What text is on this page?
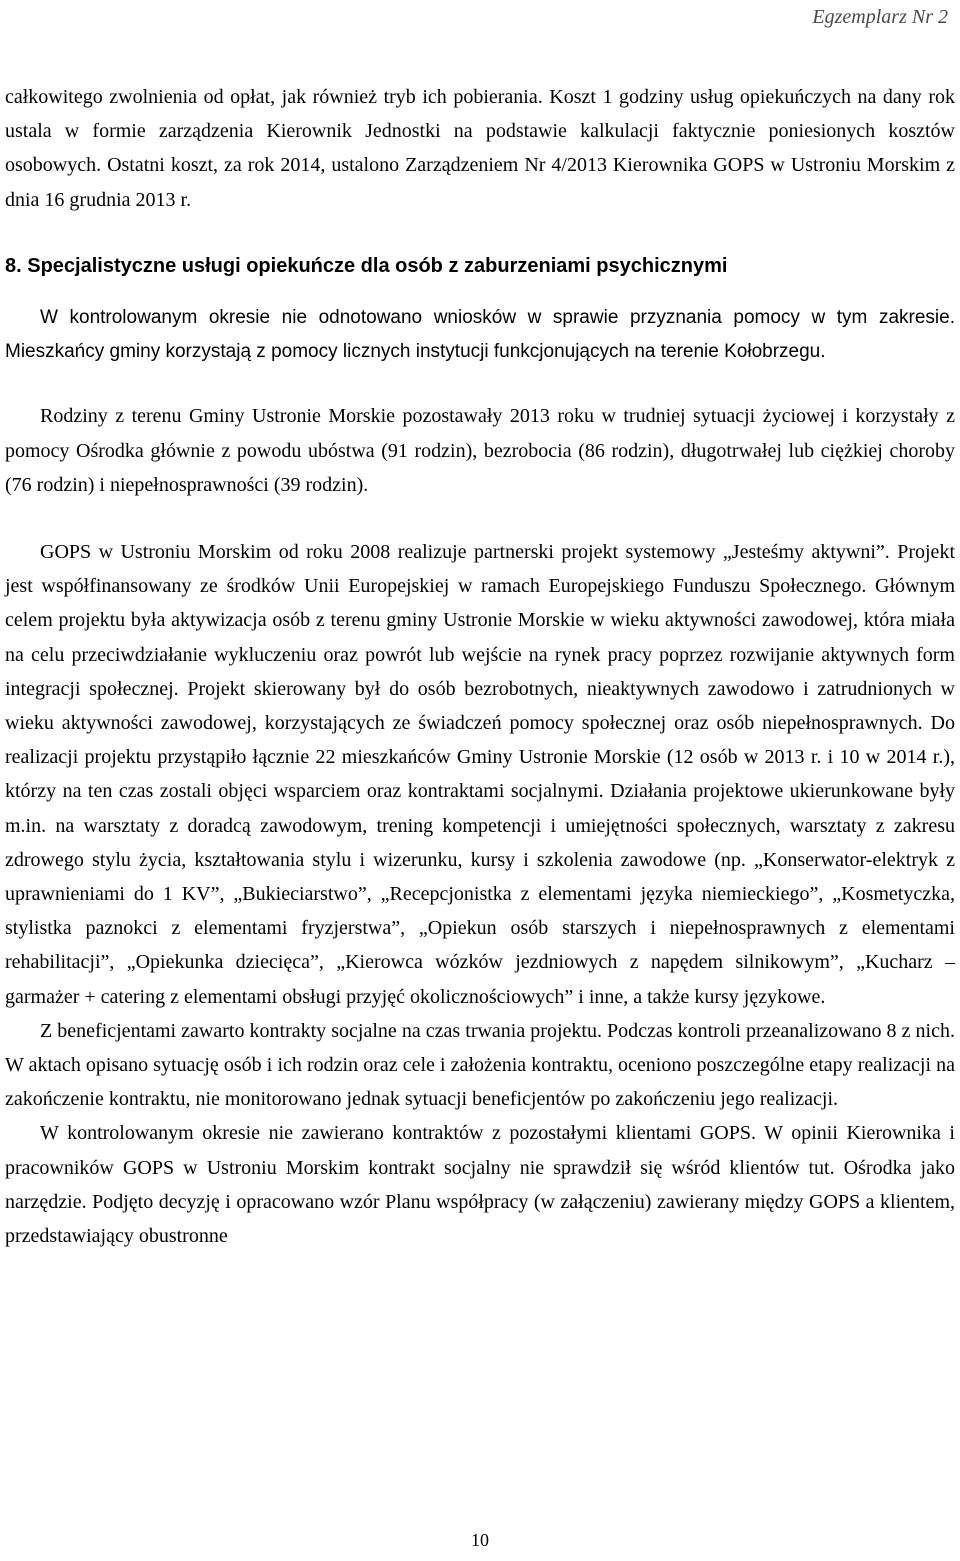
Egzemplarz Nr 2

całkowitego zwolnienia od opłat, jak również tryb ich pobierania. Koszt 1 godziny usług opiekuńczych na dany rok ustala w formie zarządzenia Kierownik Jednostki na podstawie kalkulacji faktycznie poniesionych kosztów osobowych. Ostatni koszt, za rok 2014, ustalono Zarządzeniem Nr 4/2013 Kierownika GOPS w Ustroniu Morskim z dnia 16 grudnia 2013 r.

8. Specjalistyczne usługi opiekuńcze dla osób z zaburzeniami psychicznymi

W kontrolowanym okresie nie odnotowano wniosków w sprawie przyznania pomocy w tym zakresie. Mieszkańcy gminy korzystają z pomocy licznych instytucji funkcjonujących na terenie Kołobrzegu.

Rodziny z terenu Gminy Ustronie Morskie pozostawały 2013 roku w trudniej sytuacji życiowej i korzystały z pomocy Ośrodka głównie z powodu ubóstwa (91 rodzin), bezrobocia (86 rodzin), długotrwałej lub ciężkiej choroby (76 rodzin) i niepełnosprawności (39 rodzin).

GOPS w Ustroniu Morskim od roku 2008 realizuje partnerski projekt systemowy „Jesteśmy aktywni”. Projekt jest współfinansowany ze środków Unii Europejskiej w ramach Europejskiego Funduszu Społecznego. Głównym celem projektu była aktywizacja osób z terenu gminy Ustronie Morskie w wieku aktywności zawodowej, która miała na celu przeciwdziałanie wykluczeniu oraz powrót lub wejście na rynek pracy poprzez rozwijanie aktywnych form integracji społecznej. Projekt skierowany był do osób bezrobotnych, nieaktywnych zawodowo i zatrudnionych w wieku aktywności zawodowej, korzystających ze świadczeń pomocy społecznej oraz osób niepełnosprawnych. Do realizacji projektu przystąpiło łącznie 22 mieszkańców Gminy Ustronie Morskie (12 osób w 2013 r. i 10 w 2014 r.), którzy na ten czas zostali objęci wsparciem oraz kontraktami socjalnymi. Działania projektowe ukierunkowane były m.in. na warsztaty z doradcą zawodowym, trening kompetencji i umiejętności społecznych, warsztaty z zakresu zdrowego stylu życia, kształtowania stylu i wizerunku, kursy i szkolenia zawodowe (np. „Konserwator-elektryk z uprawnieniami do 1 KV”, „Bukieciarstwo”, „Recepcjonistka z elementami języka niemieckiego”, „Kosmetyczka, stylistka paznokci z elementami fryzjerstwa”, „Opiekun osób starszych i niepełnosprawnych z elementami rehabilitacji”, „Opiekunka dziecięca”, „Kierowca wózków jezdniowych z napędem silnikowym”, „Kucharz – garmażer + catering z elementami obsługi przyjęć okolicznościowych” i inne, a także kursy językowe.

Z beneficjentami zawarto kontrakty socjalne na czas trwania projektu. Podczas kontroli przeanalizowano 8 z nich. W aktach opisano sytuację osób i ich rodzin oraz cele i założenia kontraktu, oceniono poszczególne etapy realizacji na zakończenie kontraktu, nie monitorowano jednak sytuacji beneficjentów po zakończeniu jego realizacji.

W kontrolowanym okresie nie zawierano kontraktów z pozostałymi klientami GOPS. W opinii Kierownika i pracowników GOPS w Ustroniu Morskim kontrakt socjalny nie sprawdził się wśród klientów tut. Ośrodka jako narzędzie. Podjęto decyzję i opracowano wzór Planu współpracy (w załączeniu) zawierany między GOPS a klientem, przedstawiający obustronne

10
